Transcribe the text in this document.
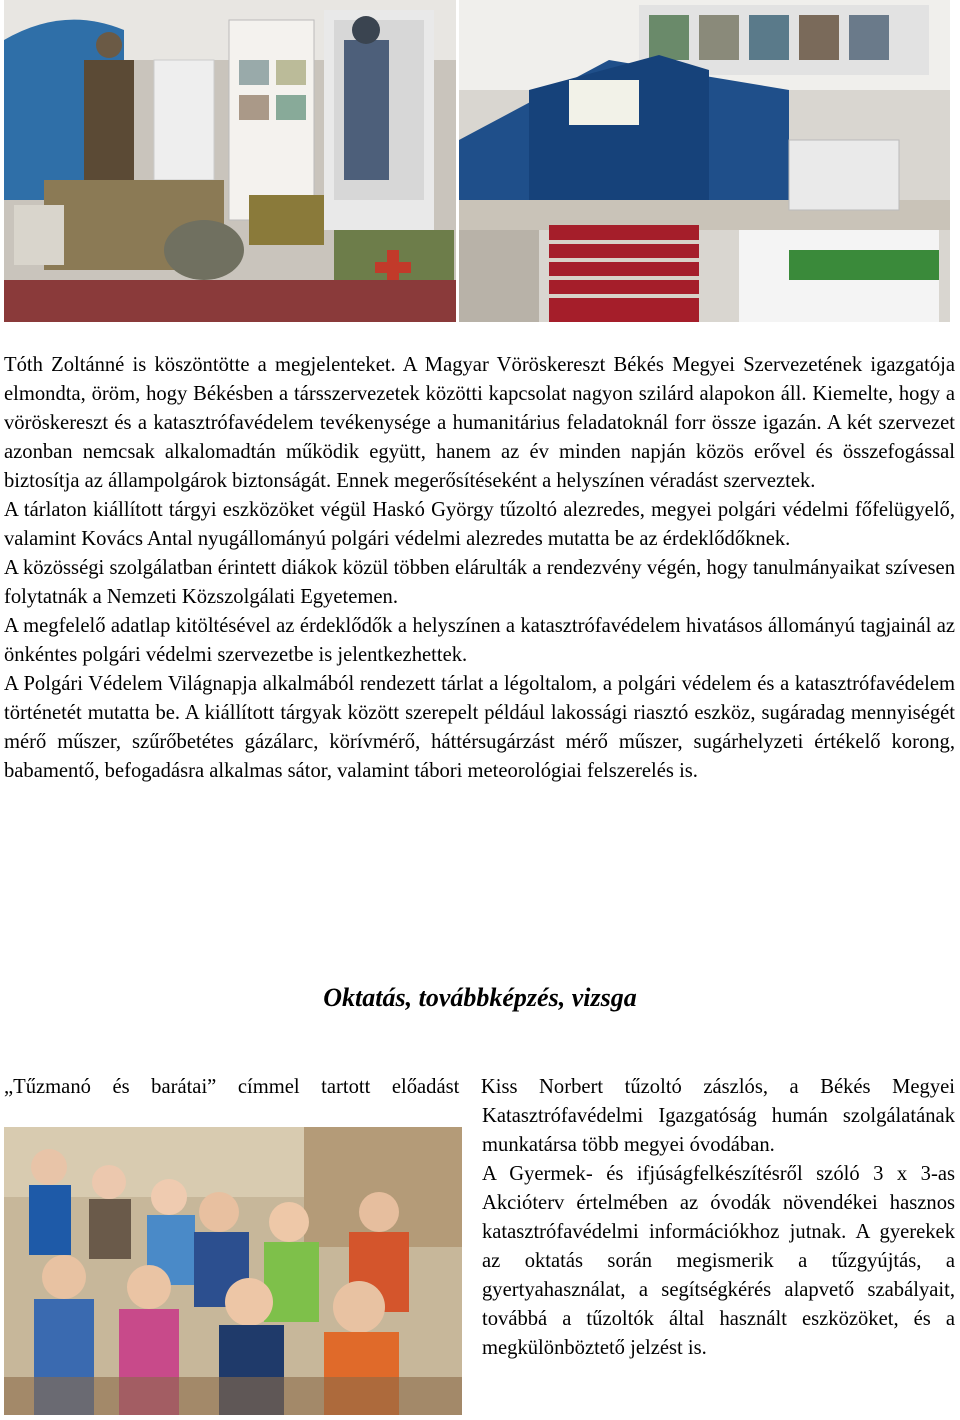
Tóth Zoltánné is köszöntötte a megjelenteket. A Magyar Vöröskereszt Békés Megyei Szervezetének igazgatója elmondta, öröm, hogy Békésben a társszervezetek közötti kapcsolat nagyon szilárd alapokon áll. Kiemelte, hogy a vöröskereszt és a katasztrófavédelem tevékenysége a humanitárius feladatoknál forr össze igazán. A két szervezet azonban nemcsak alkalomadtán működik együtt, hanem az év minden napján közös erővel és összefogással biztosítja az állampolgárok biztonságát. Ennek megerősítéseként a helyszínen véradást szerveztek.

A tárlaton kiállított tárgyi eszközöket végül Haskó György tűzoltó alezredes, megyei polgári védelmi főfelügyelő, valamint Kovács Antal nyugállományú polgári védelmi alezredes mutatta be az érdeklődőknek.

A közösségi szolgálatban érintett diákok közül többen elárulták a rendezvény végén, hogy tanulmányaikat szívesen folytatnák a Nemzeti Közszolgálati Egyetemen.

A megfelelő adatlap kitöltésével az érdeklődők a helyszínen a katasztrófavédelem hivatásos állományú tagjainál az önkéntes polgári védelmi szervezetbe is jelentkezhettek.

A Polgári Védelem Világnapja alkalmából rendezett tárlat a légoltalom, a polgári védelem és a katasztrófavédelem történetét mutatta be. A kiállított tárgyak között szerepelt például lakossági riasztó eszköz, sugáradag mennyiségét mérő műszer, szűrőbetétes gázálarc, körívmérő, háttérsugárzást mérő műszer, sugárhelyzeti értékelő korong, babamentő, befogadásra alkalmas sátor, valamint tábori meteorológiai felszerelés is.

Oktatás, továbbképzés, vizsga

„Tűzmanó és barátai” címmel tartott előadást Kiss Norbert tűzoltó zászlós, a Békés Megyei

Katasztrófavédelmi Igazgatóság humán szolgálatának munkatársa több megyei óvodában.

A Gyermek- és ifjúságfelkészítésről szóló 3 x 3-as Akcióterv értelmében az óvodák növendékei hasznos katasztrófavédelmi információkhoz jutnak. A gyerekek az oktatás során megismerik a tűzgyújtás, a gyertyahasználat, a segítségkérés alapvető szabályait, továbbá a tűzoltók által használt eszközöket, és a megkülönböztető jelzést is.
